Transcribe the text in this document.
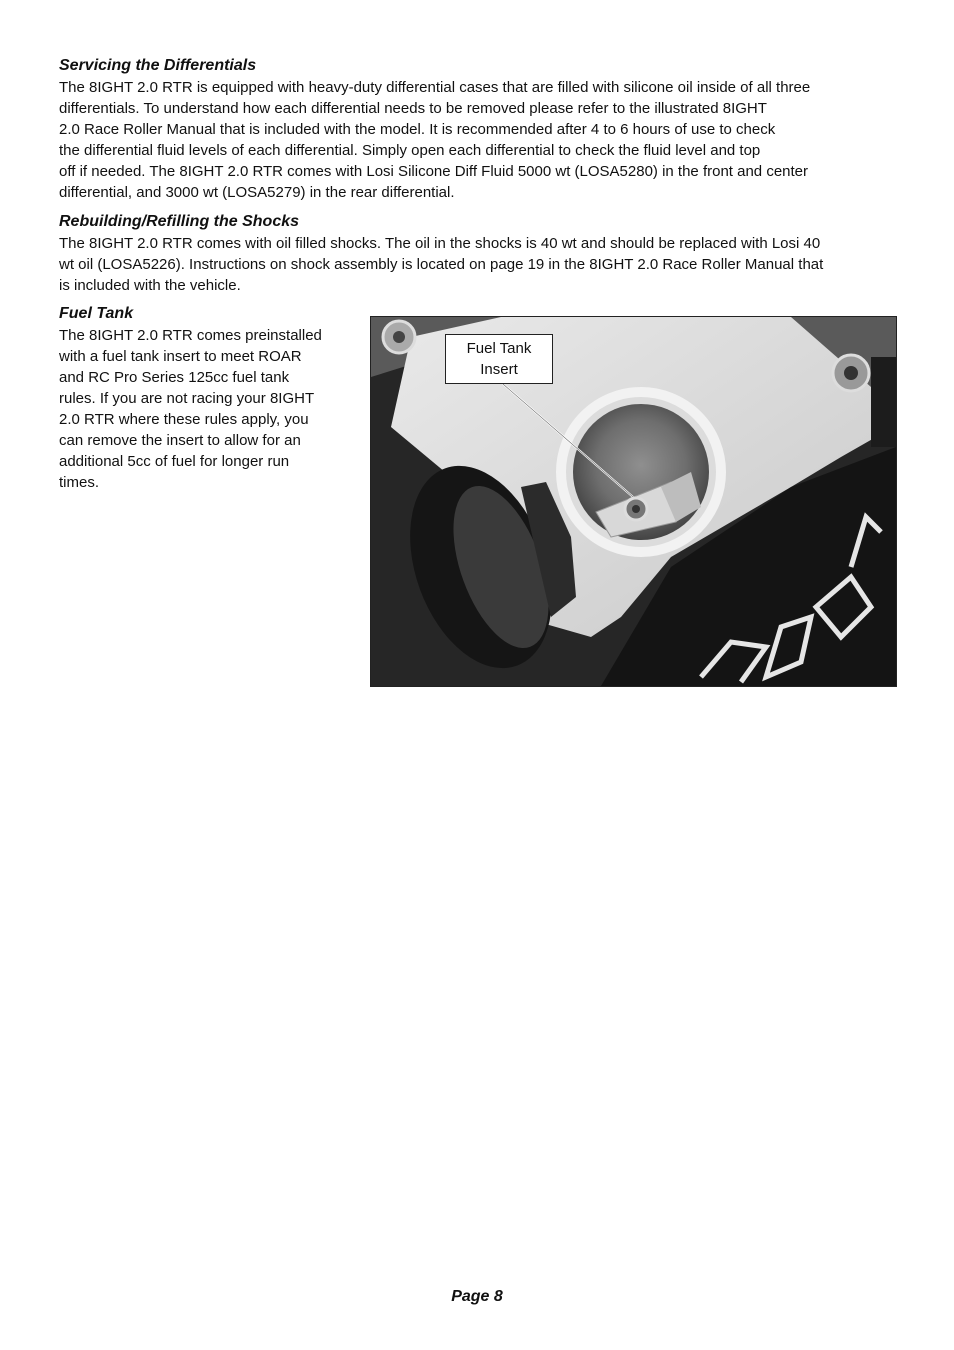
Servicing the Differentials

The 8IGHT 2.0 RTR is equipped with heavy-duty differential cases that are filled with silicone oil inside of all three
differentials. To understand how each differential needs to be removed please refer to the illustrated 8IGHT
2.0 Race Roller Manual that is included with the model. It is recommended after 4 to 6 hours of use to check
the differential fluid levels of each differential. Simply open each differential to check the fluid level and top
off if needed. The 8IGHT 2.0 RTR comes with Losi Silicone Diff Fluid 5000 wt (LOSA5280) in the front and center
differential, and 3000 wt (LOSA5279) in the rear differential.

Rebuilding/Refilling the Shocks

The 8IGHT 2.0 RTR comes with oil filled shocks. The oil in the shocks is 40 wt and should be replaced with Losi 40
wt oil (LOSA5226). Instructions on shock assembly is located on page 19 in the 8IGHT 2.0 Race Roller Manual that
is included with the vehicle.

Fuel Tank

The 8IGHT 2.0 RTR comes preinstalled
with a fuel tank insert to meet ROAR
and RC Pro Series 125cc fuel tank
rules. If you are not racing your 8IGHT
2.0 RTR where these rules apply, you
can remove the insert to allow for an
additional 5cc of fuel for longer run
times.

Fuel Tank
Insert
Page 8
